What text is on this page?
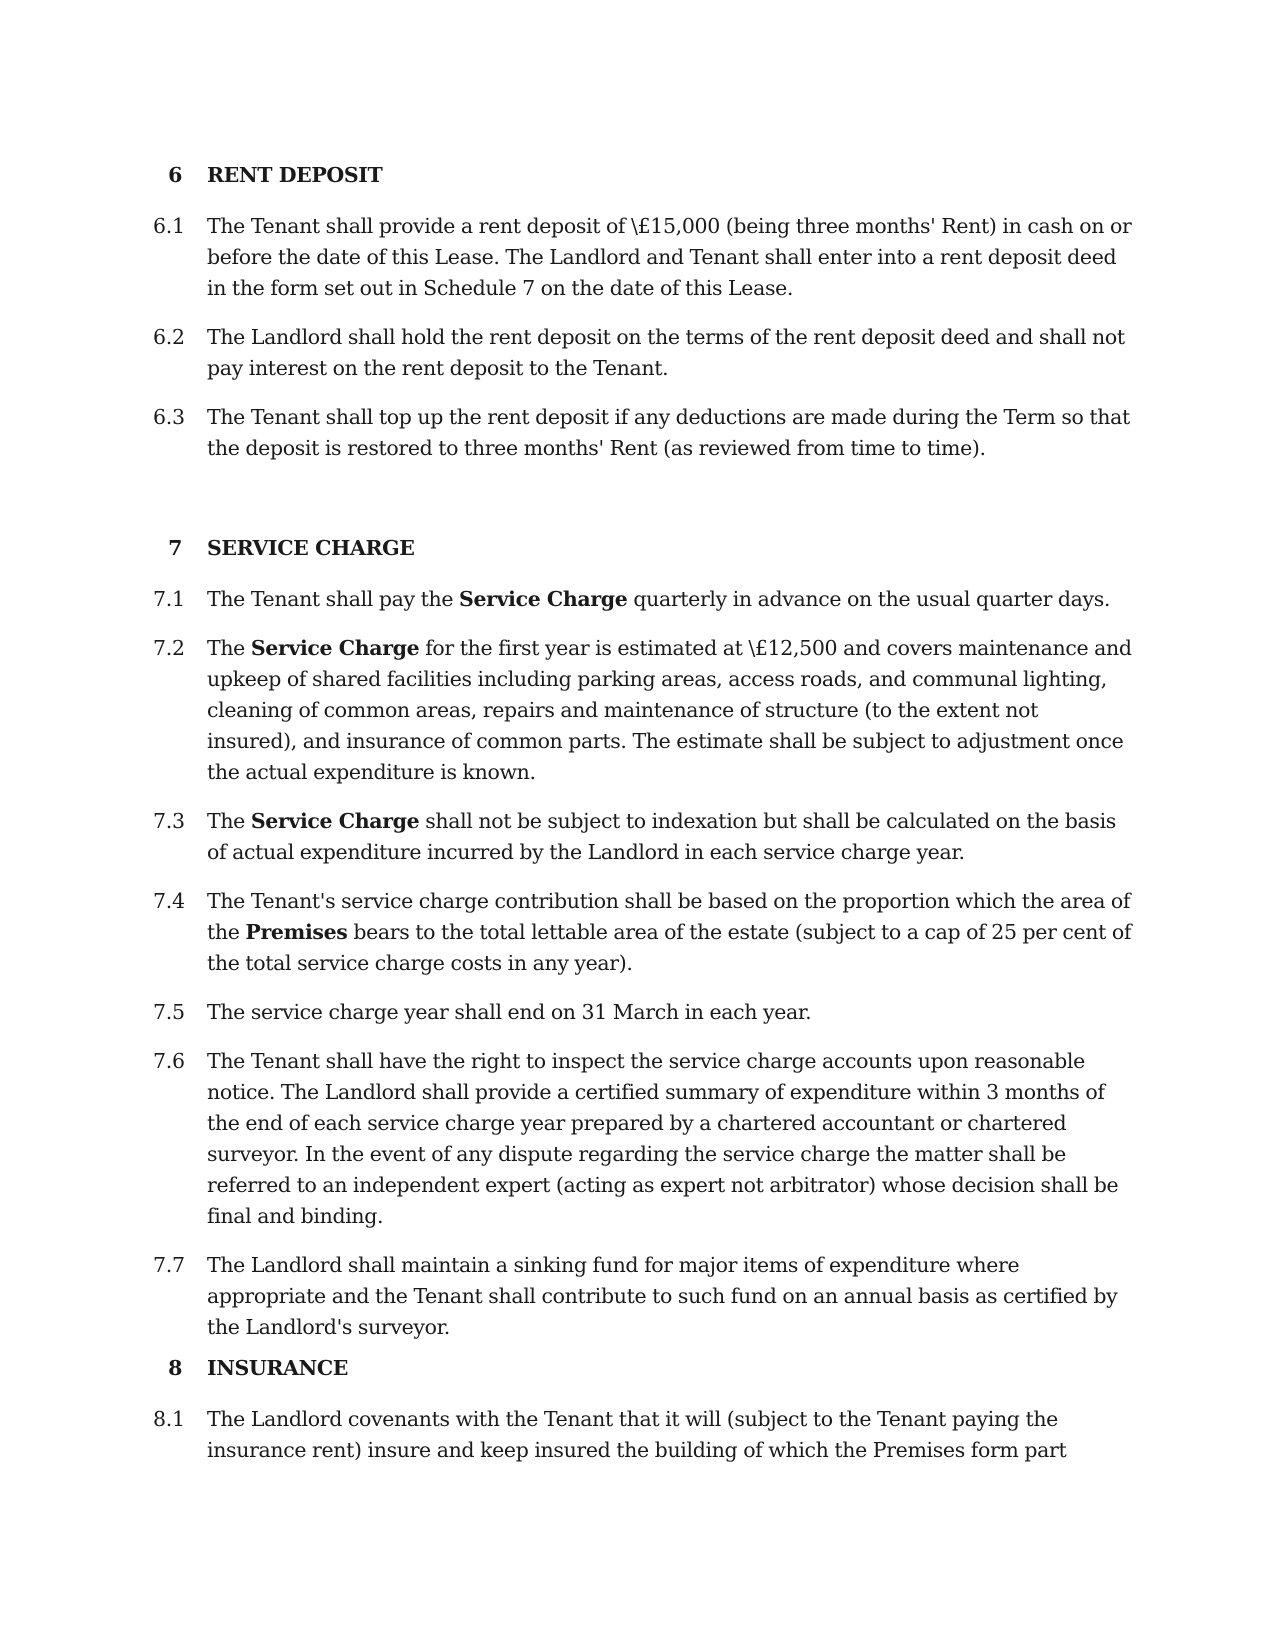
6 RENT DEPOSIT
6.1 The Tenant shall provide a rent deposit of \£15,000 (being three months' Rent) in cash on or before the date of this Lease. The Landlord and Tenant shall enter into a rent deposit deed in the form set out in Schedule 7 on the date of this Lease.
6.2 The Landlord shall hold the rent deposit on the terms of the rent deposit deed and shall not pay interest on the rent deposit to the Tenant.
6.3 The Tenant shall top up the rent deposit if any deductions are made during the Term so that the deposit is restored to three months' Rent (as reviewed from time to time).
7 SERVICE CHARGE
7.1 The Tenant shall pay the Service Charge quarterly in advance on the usual quarter days.
7.2 The Service Charge for the first year is estimated at \£12,500 and covers maintenance and upkeep of shared facilities including parking areas, access roads, and communal lighting, cleaning of common areas, repairs and maintenance of structure (to the extent not insured), and insurance of common parts. The estimate shall be subject to adjustment once the actual expenditure is known.
7.3 The Service Charge shall not be subject to indexation but shall be calculated on the basis of actual expenditure incurred by the Landlord in each service charge year.
7.4 The Tenant's service charge contribution shall be based on the proportion which the area of the Premises bears to the total lettable area of the estate (subject to a cap of 25 per cent of the total service charge costs in any year).
7.5 The service charge year shall end on 31 March in each year.
7.6 The Tenant shall have the right to inspect the service charge accounts upon reasonable notice. The Landlord shall provide a certified summary of expenditure within 3 months of the end of each service charge year prepared by a chartered accountant or chartered surveyor. In the event of any dispute regarding the service charge the matter shall be referred to an independent expert (acting as expert not arbitrator) whose decision shall be final and binding.
7.7 The Landlord shall maintain a sinking fund for major items of expenditure where appropriate and the Tenant shall contribute to such fund on an annual basis as certified by the Landlord's surveyor.
8 INSURANCE
8.1 The Landlord covenants with the Tenant that it will (subject to the Tenant paying the insurance rent) insure and keep insured the building of which the Premises form part
